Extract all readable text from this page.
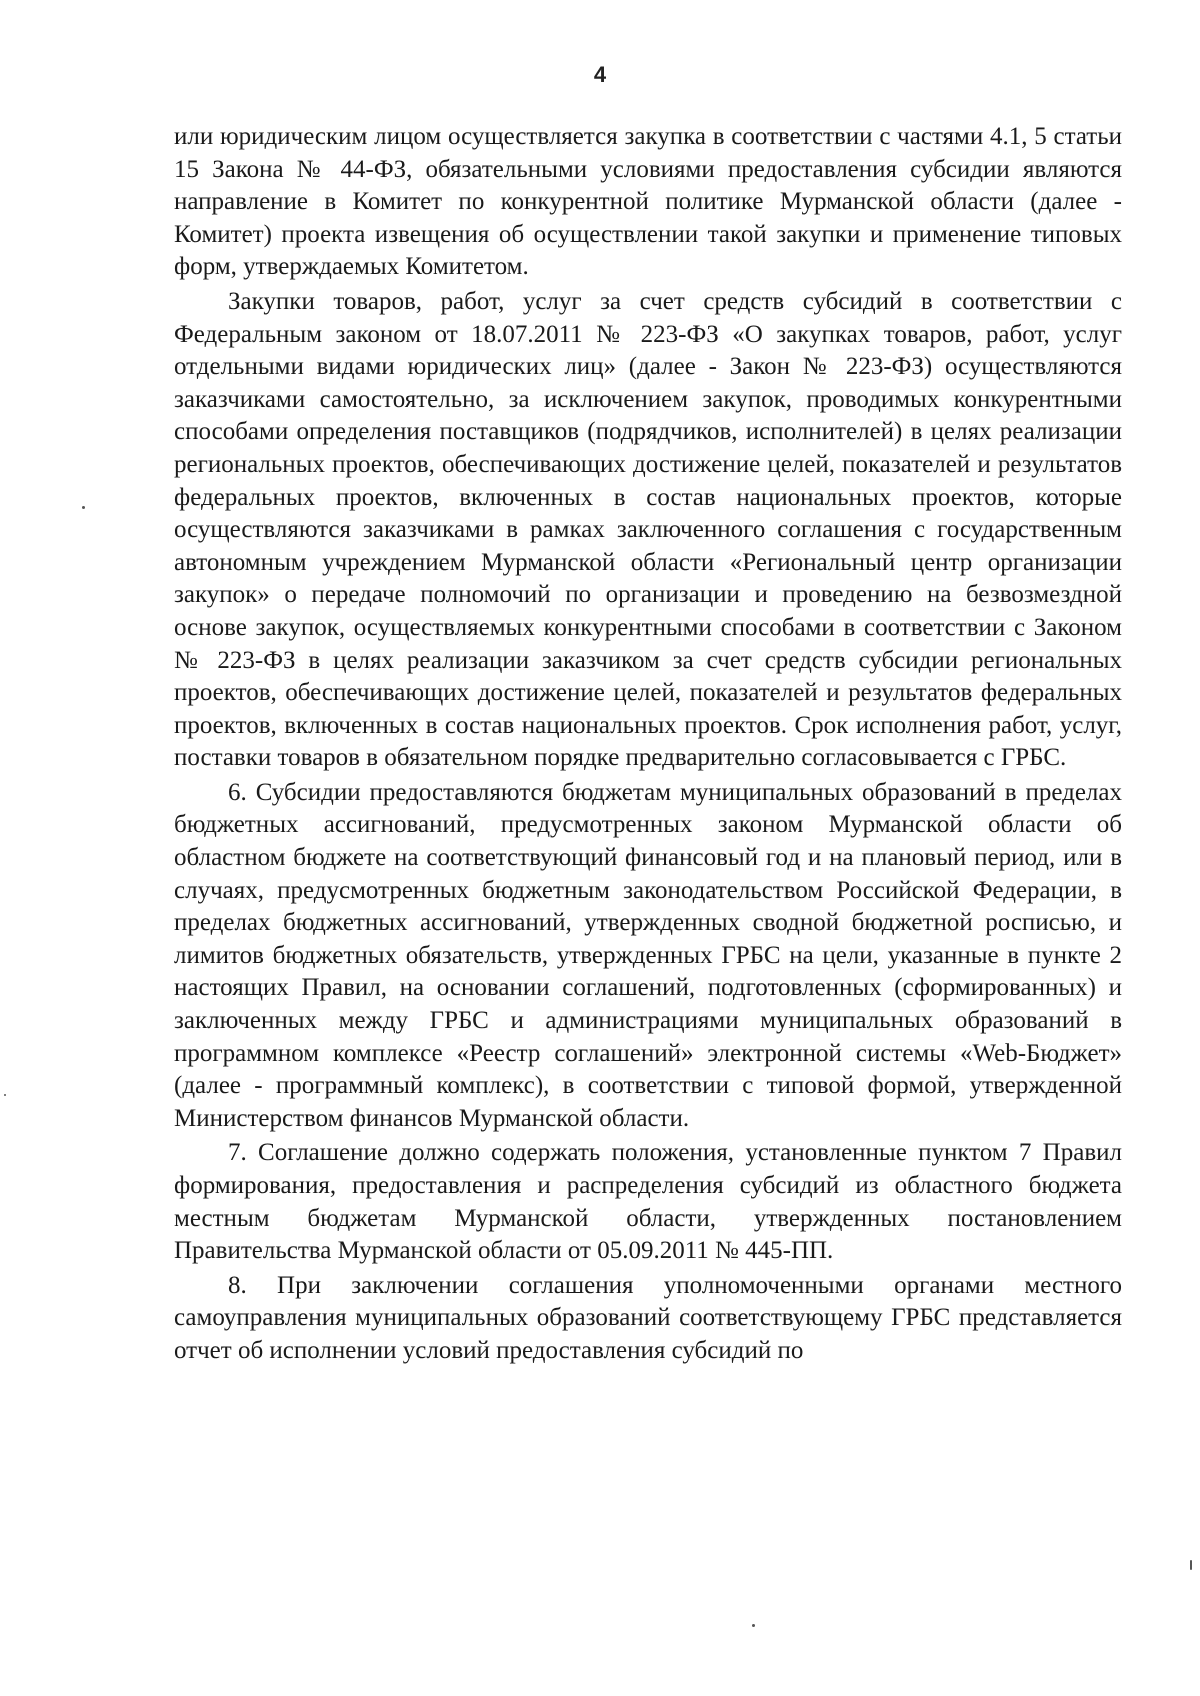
4

или юридическим лицом осуществляется закупка в соответствии с частями 4.1, 5 статьи 15 Закона № 44-ФЗ, обязательными условиями предоставления субсидии являются направление в Комитет по конкурентной политике Мурманской области (далее - Комитет) проекта извещения об осуществлении такой закупки и применение типовых форм, утверждаемых Комитетом.

Закупки товаров, работ, услуг за счет средств субсидий в соответствии с Федеральным законом от 18.07.2011 № 223-ФЗ «О закупках товаров, работ, услуг отдельными видами юридических лиц» (далее - Закон № 223-ФЗ) осуществляются заказчиками самостоятельно, за исключением закупок, проводимых конкурентными способами определения поставщиков (подрядчиков, исполнителей) в целях реализации региональных проектов, обеспечивающих достижение целей, показателей и результатов федеральных проектов, включенных в состав национальных проектов, которые осуществляются заказчиками в рамках заключенного соглашения с государственным автономным учреждением Мурманской области «Региональный центр организации закупок» о передаче полномочий по организации и проведению на безвозмездной основе закупок, осуществляемых конкурентными способами в соответствии с Законом № 223-ФЗ в целях реализации заказчиком за счет средств субсидии региональных проектов, обеспечивающих достижение целей, показателей и результатов федеральных проектов, включенных в состав национальных проектов. Срок исполнения работ, услуг, поставки товаров в обязательном порядке предварительно согласовывается с ГРБС.

6. Субсидии предоставляются бюджетам муниципальных образований в пределах бюджетных ассигнований, предусмотренных законом Мурманской области об областном бюджете на соответствующий финансовый год и на плановый период, или в случаях, предусмотренных бюджетным законодательством Российской Федерации, в пределах бюджетных ассигнований, утвержденных сводной бюджетной росписью, и лимитов бюджетных обязательств, утвержденных ГРБС на цели, указанные в пункте 2 настоящих Правил, на основании соглашений, подготовленных (сформированных) и заключенных между ГРБС и администрациями муниципальных образований в программном комплексе «Реестр соглашений» электронной системы «Web-Бюджет» (далее - программный комплекс), в соответствии с типовой формой, утвержденной Министерством финансов Мурманской области.

7. Соглашение должно содержать положения, установленные пунктом 7 Правил формирования, предоставления и распределения субсидий из областного бюджета местным бюджетам Мурманской области, утвержденных постановлением Правительства Мурманской области от 05.09.2011 № 445-ПП.

8. При заключении соглашения уполномоченными органами местного самоуправления муниципальных образований соответствующему ГРБС представляется отчет об исполнении условий предоставления субсидий по
